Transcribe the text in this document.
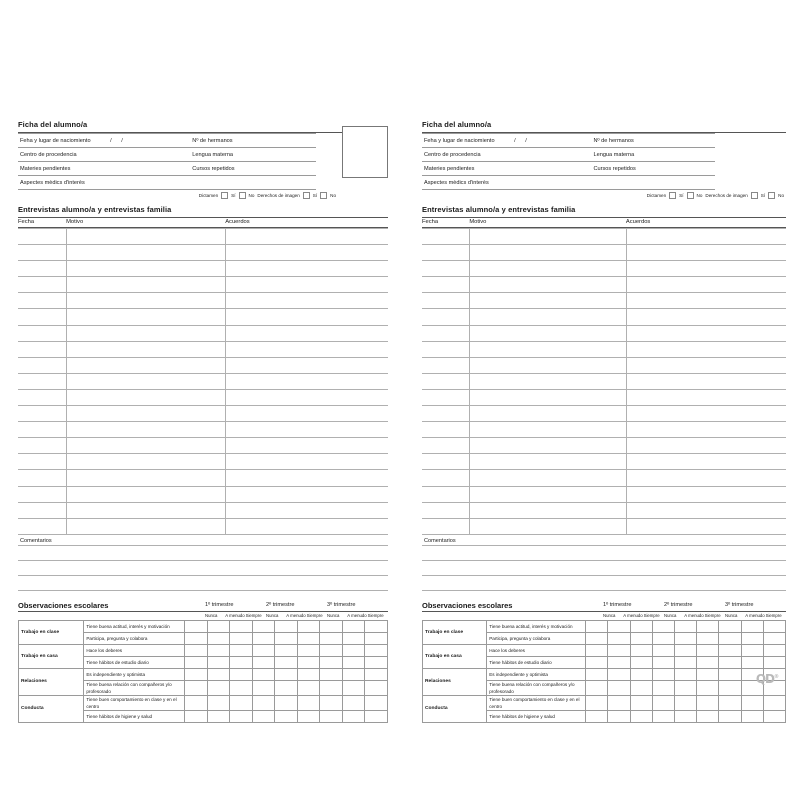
Ficha del alumno/a
Feha y lugar de naciomiento / /	Nº de hermanos	
Centro de procedencia	Lengua materna	
Materies pendientes	Cursos repetidos	
Aspectes mèdics d'interès		
Dictamen	Sí	No Derechos de imagen	Sí	No
Entrevistas alumno/a y entrevistas familia
Fecha	Motivo	Acuerdos

Comentarios
Observaciones escolares	1º trimestre	2º trimestre	3º trimestre
Nunca	A menudo Siempre	Nunca	A menudo Siempre	Nunca	A menudo Siempre
Trabajo en clase	Tiene buena actitud, interés y motivación									
	Participa, pregunta y colabora									
Trabajo en casa	Hace los deberes									
	Tiene hábitos de estudio diario									
Relaciones	Es independiente y optimista									
	Tiene buena relación con compañeros y/o profesorado									
Conducta	Tiene buen comportamiento en clase y en el centro									
	Tiene hábitos de higiene y salud									
Ficha del alumno/a
Feha y lugar de naciomiento / /	Nº de hermanos	
Centro de procedencia	Lengua materna	
Materies pendientes	Cursos repetidos	
Aspectes mèdics d'interès		
Dictamen	Sí	No Derechos de imagen	Sí	No
Entrevistas alumno/a y entrevistas familia
Fecha	Motivo	Acuerdos

Comentarios
Observaciones escolares	1º trimestre	2º trimestre	3º trimestre
Nunca	A menudo Siempre	Nunca	A menudo Siempre	Nunca	A menudo Siempre
Trabajo en clase	Tiene buena actitud, interés y motivación									
	Participa, pregunta y colabora									
Trabajo en casa	Hace los deberes									
	Tiene hábitos de estudio diario									
Relaciones	Es independiente y optimista									
	Tiene buena relación con compañeros y/o profesorado									
Conducta	Tiene buen comportamiento en clase y en el centro									
	Tiene hábitos de higiene y salud									
QD®
